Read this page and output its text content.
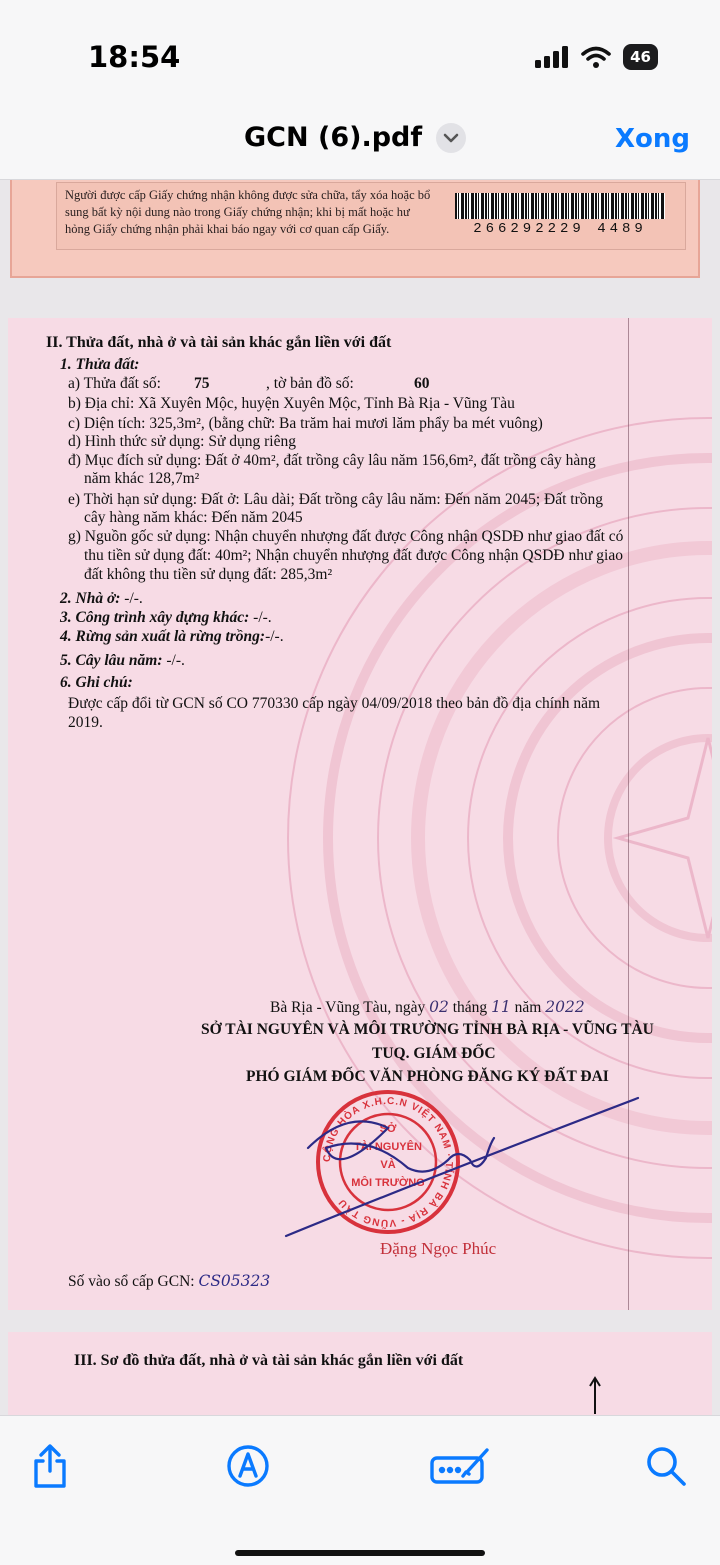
18:54	46
GCN (6).pdf	Xong
Người được cấp Giấy chứng nhận không được sửa chữa, tẩy xóa hoặc bổ
sung bất kỳ nội dung nào trong Giấy chứng nhận; khi bị mất hoặc hư
hỏng Giấy chứng nhận phải khai báo ngay với cơ quan cấp Giấy.	266292229 4489
II. Thửa đất, nhà ở và tài sản khác gắn liền với đất
1. Thửa đất:
a) Thửa đất số: 75	, tờ bản đồ số:	60
b) Địa chỉ: Xã Xuyên Mộc, huyện Xuyên Mộc, Tỉnh Bà Rịa - Vũng Tàu
c) Diện tích: 325,3m², (bằng chữ: Ba trăm hai mươi lăm phẩy ba mét vuông)
d) Hình thức sử dụng: Sử dụng riêng
đ) Mục đích sử dụng: Đất ở 40m², đất trồng cây lâu năm 156,6m², đất trồng cây hàng
năm khác 128,7m²
e) Thời hạn sử dụng: Đất ở: Lâu dài; Đất trồng cây lâu năm: Đến năm 2045; Đất trồng
cây hàng năm khác: Đến năm 2045
g) Nguồn gốc sử dụng: Nhận chuyển nhượng đất được Công nhận QSDĐ như giao đất có
thu tiền sử dụng đất: 40m²; Nhận chuyển nhượng đất được Công nhận QSDĐ như giao
đất không thu tiền sử dụng đất: 285,3m²
2. Nhà ở: -/-.
3. Công trình xây dựng khác: -/-.
4. Rừng sản xuất là rừng trồng:-/-.
5. Cây lâu năm: -/-.
6. Ghi chú:
Được cấp đổi từ GCN số CO 770330 cấp ngày 04/09/2018 theo bản đồ địa chính năm
2019.
Bà Rịa - Vũng Tàu, ngày 02 tháng 11 năm 2022
SỞ TÀI NGUYÊN VÀ MÔI TRƯỜNG TỈNH BÀ RỊA - VŨNG TÀU
TUQ. GIÁM ĐỐC
PHÓ GIÁM ĐỐC VĂN PHÒNG ĐĂNG KÝ ĐẤT ĐAI
CỘNG HÒA X.H.C.N VIỆT NAM · TỈNH BÀ RỊA - VŨNG TÀU
SỞ
TÀI NGUYÊN
VÀ
MÔI TRƯỜNG
Đặng Ngọc Phúc
Số vào sổ cấp GCN: CS05323
III. Sơ đồ thửa đất, nhà ở và tài sản khác gắn liền với đất
